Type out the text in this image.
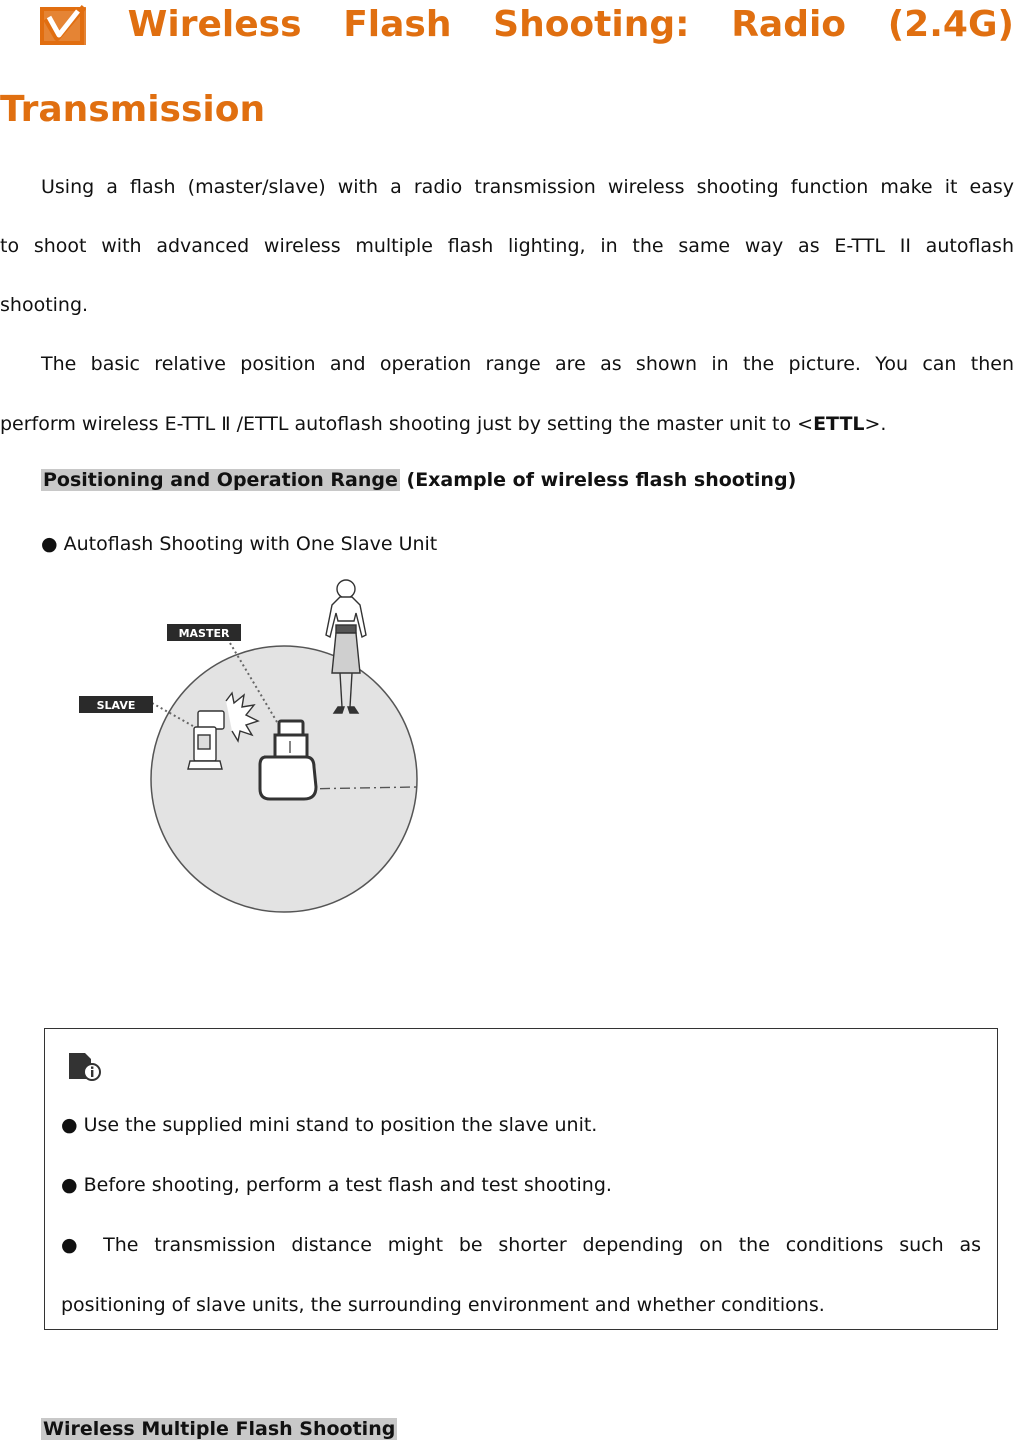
Wireless Flash Shooting: Radio (2.4G)
Transmission
Using a flash (master/slave) with a radio transmission wireless shooting function make it easy
to shoot with advanced wireless multiple flash lighting, in the same way as E-TTL II autoflash
shooting.
The basic relative position and operation range are as shown in the picture. You can then
perform wireless E-TTL Ⅱ /ETTL autoflash shooting just by setting the master unit to <ETTL>.
Positioning and Operation Range (Example of wireless flash shooting)
● Autoflash Shooting with One Slave Unit
MASTER
SLAVE
● Use the supplied mini stand to position the slave unit.
● Before shooting, perform a test flash and test shooting.
● The transmission distance might be shorter depending on the conditions such as
positioning of slave units, the surrounding environment and whether conditions.
Wireless Multiple Flash Shooting
